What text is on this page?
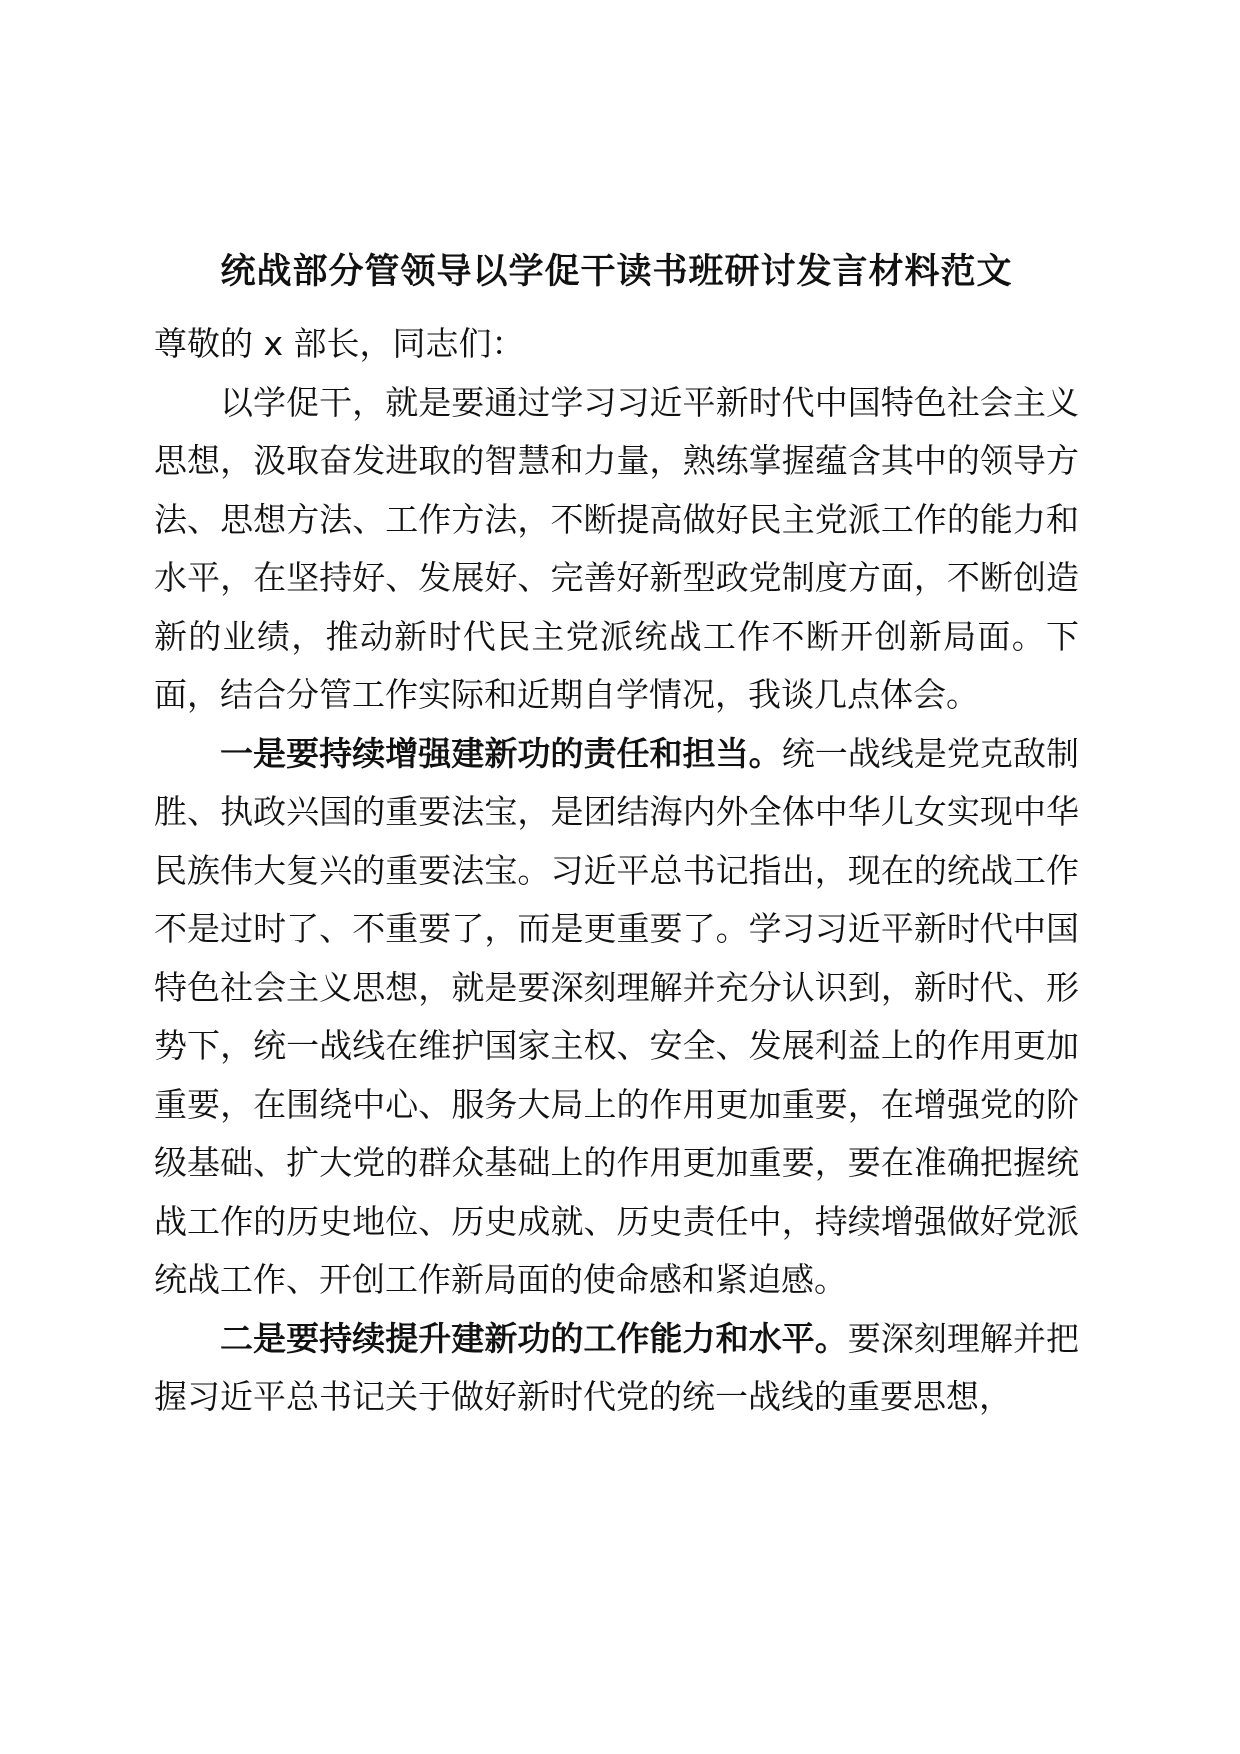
统战部分管领导以学促干读书班研讨发言材料范文

尊敬的 x 部长，同志们：

以学促干，就是要通过学习习近平新时代中国特色社会主义思想，汲取奋发进取的智慧和力量，熟练掌握蕴含其中的领导方法、思想方法、工作方法，不断提高做好民主党派工作的能力和水平，在坚持好、发展好、完善好新型政党制度方面，不断创造新的业绩，推动新时代民主党派统战工作不断开创新局面。下面，结合分管工作实际和近期自学情况，我谈几点体会。

一是要持续增强建新功的责任和担当。统一战线是党克敌制胜、执政兴国的重要法宝，是团结海内外全体中华儿女实现中华民族伟大复兴的重要法宝。习近平总书记指出，现在的统战工作不是过时了、不重要了，而是更重要了。学习习近平新时代中国特色社会主义思想，就是要深刻理解并充分认识到，新时代、形势下，统一战线在维护国家主权、安全、发展利益上的作用更加重要，在围绕中心、服务大局上的作用更加重要，在增强党的阶级基础、扩大党的群众基础上的作用更加重要，要在准确把握统战工作的历史地位、历史成就、历史责任中，持续增强做好党派统战工作、开创工作新局面的使命感和紧迫感。

二是要持续提升建新功的工作能力和水平。要深刻理解并把握习近平总书记关于做好新时代党的统一战线的重要思想，
